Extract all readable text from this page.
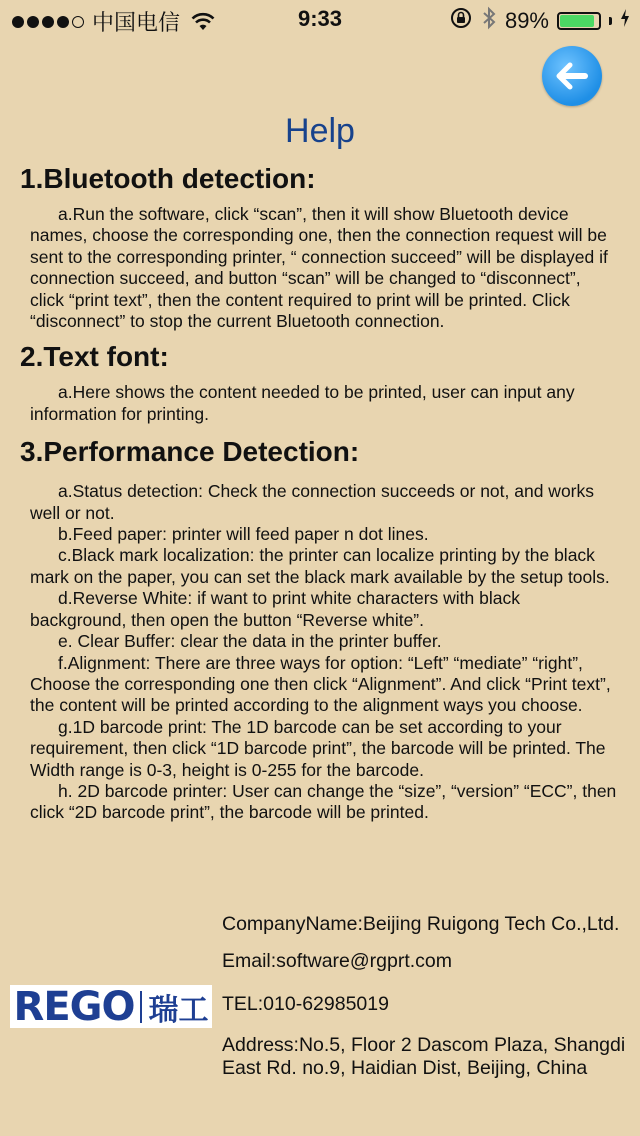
中国电信	9:33	89%
Help
1.Bluetooth detection:

a.Run the software, click “scan”, then it will show Bluetooth device names, choose the corresponding one, then the connection request will be sent to the corresponding printer, “ connection succeed” will be displayed if connection succeed, and button “scan” will be changed to “disconnect”, click “print text”, then the content required to print will be printed. Click “disconnect” to stop the current Bluetooth connection.

2.Text font:

a.Here shows the content needed to be printed, user can input any information for printing.

3.Performance Detection:

a.Status detection: Check the connection succeeds or not, and works well or not.

b.Feed paper: printer will feed paper n dot lines.

c.Black mark localization: the printer can localize printing by the black mark on the paper, you can set the black mark available by the setup tools.

d.Reverse White: if want to print white characters with black background, then open the button “Reverse white”.

e. Clear Buffer: clear the data in the printer buffer.

f.Alignment: There are three ways for option: “Left” “mediate” “right”, Choose the corresponding one then click “Alignment”. And click “Print text”, the content will be printed according to the alignment ways you choose.

g.1D barcode print: The 1D barcode can be set according to your requirement, then click “1D barcode print”, the barcode will be printed. The Width range is 0-3, height is 0-255 for the barcode.

h. 2D barcode printer: User can change the “size”, “version” “ECC”, then click “2D barcode print”, the barcode will be printed.

REGO 瑞工

CompanyName:Beijing Ruigong Tech Co.,Ltd.

Email:software@rgprt.com

TEL:010-62985019

Address:No.5, Floor 2 Dascom Plaza, Shangdi East Rd. no.9, Haidian Dist, Beijing, China
